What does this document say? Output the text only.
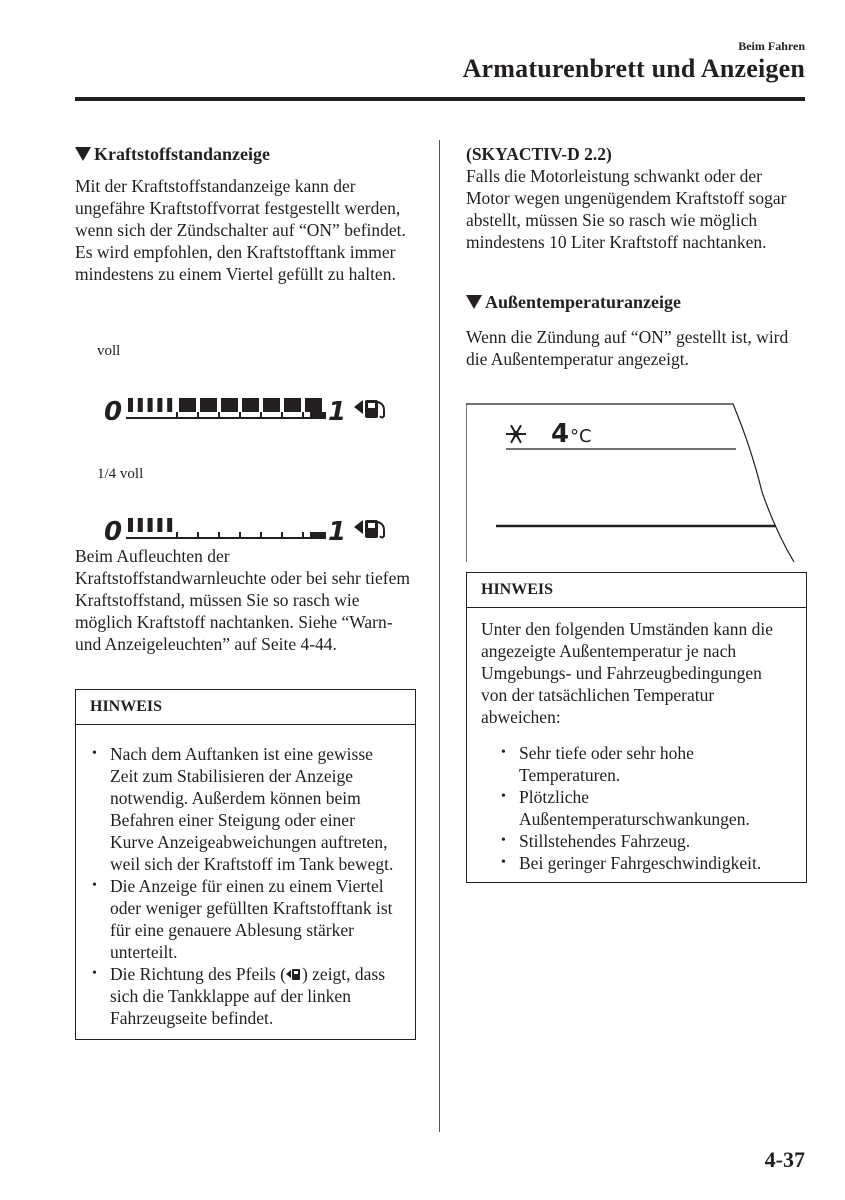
Beim Fahren
Armaturenbrett und Anzeigen
Kraftstoffstandanzeige

Mit der Kraftstoffstandanzeige kann der ungefähre Kraftstoffvorrat festgestellt werden, wenn sich der Zündschalter auf “ON” befindet. Es wird empfohlen, den Kraftstofftank immer mindestens zu einem Viertel gefüllt zu halten.

voll
0	1
1/4 voll
0	1

Beim Aufleuchten der Kraftstoffstandwarnleuchte oder bei sehr tiefem Kraftstoffstand, müssen Sie so rasch wie möglich Kraftstoff nachtanken. Siehe “Warn- und Anzeigeleuchten” auf Seite 4-44.

HINWEIS
• Nach dem Auftanken ist eine gewisse Zeit zum Stabilisieren der Anzeige notwendig. Außerdem können beim Befahren einer Steigung oder einer Kurve Anzeigeabweichungen auftreten, weil sich der Kraftstoff im Tank bewegt.
• Die Anzeige für einen zu einem Viertel oder weniger gefüllten Kraftstofftank ist für eine genauere Ablesung stärker unterteilt.
• Die Richtung des Pfeils ( ) zeigt, dass sich die Tankklappe auf der linken Fahrzeugseite befindet.

(SKYACTIV-D 2.2)

Falls die Motorleistung schwankt oder der Motor wegen ungenügendem Kraftstoff sogar abstellt, müssen Sie so rasch wie möglich mindestens 10 Liter Kraftstoff nachtanken.

Außentemperaturanzeige

Wenn die Zündung auf “ON” gestellt ist, wird die Außentemperatur angezeigt.

4 °C
HINWEIS

Unter den folgenden Umständen kann die angezeigte Außentemperatur je nach Umgebungs- und Fahrzeugbedingungen von der tatsächlichen Temperatur abweichen:

• Sehr tiefe oder sehr hohe Temperaturen.
• Plötzliche Außentemperaturschwankungen.
• Stillstehendes Fahrzeug.
• Bei geringer Fahrgeschwindigkeit.
4-37
